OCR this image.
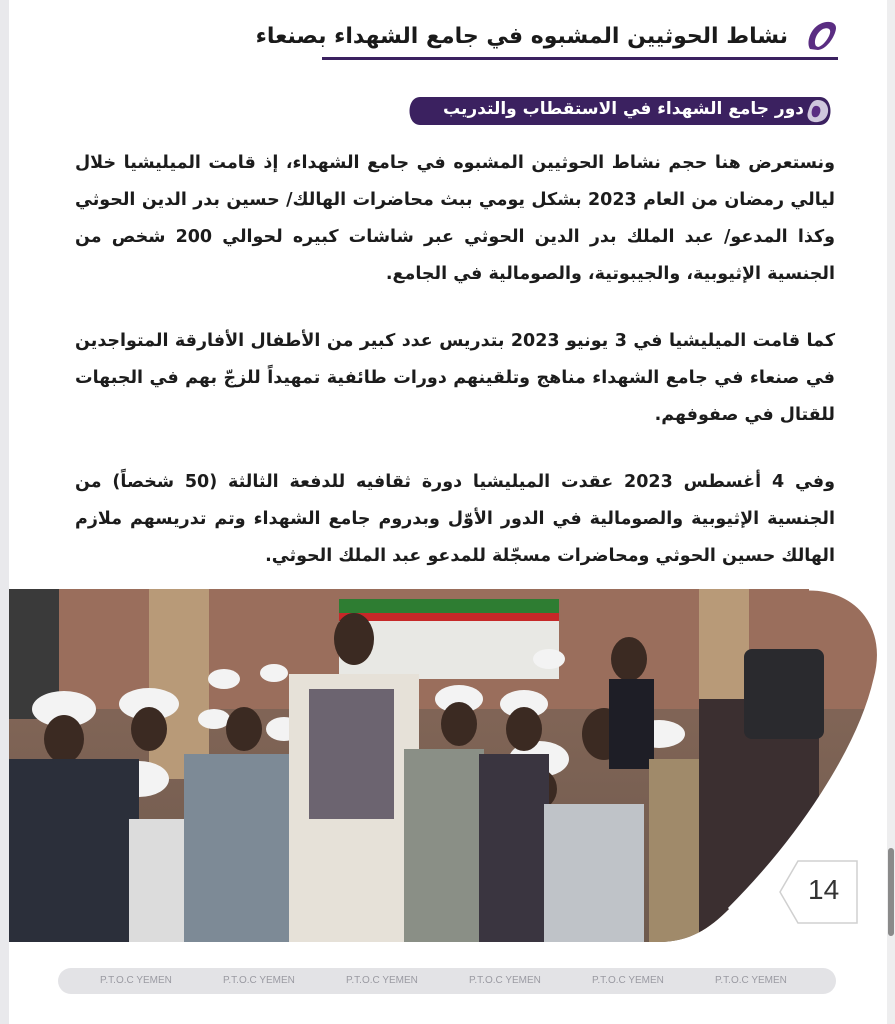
نشاط الحوثيين المشبوه في جامع الشهداء بصنعاء
دور جامع الشهداء في الاستقطاب والتدريب

ونستعرض هنا حجم نشاط الحوثيين المشبوه في جامع الشهداء، إذ قامت الميليشيا خلال ليالي رمضان من العام 2023 بشكل يومي ببث محاضرات الهالك/ حسين بدر الدين الحوثي وكذا المدعو/ عبد الملك بدر الدين الحوثي عبر شاشات كبيره لحوالي 200 شخص من الجنسية الإثيوبية، والجيبوتية، والصومالية في الجامع.

كما قامت الميليشيا في 3 يونيو 2023 بتدريس عدد كبير من الأطفال الأفارقة المتواجدين في صنعاء في جامع الشهداء مناهج وتلقينهم دورات طائفية تمهيداً للزجّ بهم في الجبهات للقتال في صفوفهم.

وفي 4 أغسطس 2023 عقدت الميليشيا دورة ثقافيه للدفعة الثالثة (50 شخصاً) من الجنسية الإثيوبية والصومالية في الدور الأوّل وبدروم جامع الشهداء وتم تدريسهم ملازم الهالك حسين الحوثي ومحاضرات مسجّلة للمدعو عبد الملك الحوثي.

14
P.T.O.C YEMEN	P.T.O.C YEMEN	P.T.O.C YEMEN	P.T.O.C YEMEN	P.T.O.C YEMEN	P.T.O.C YEMEN
